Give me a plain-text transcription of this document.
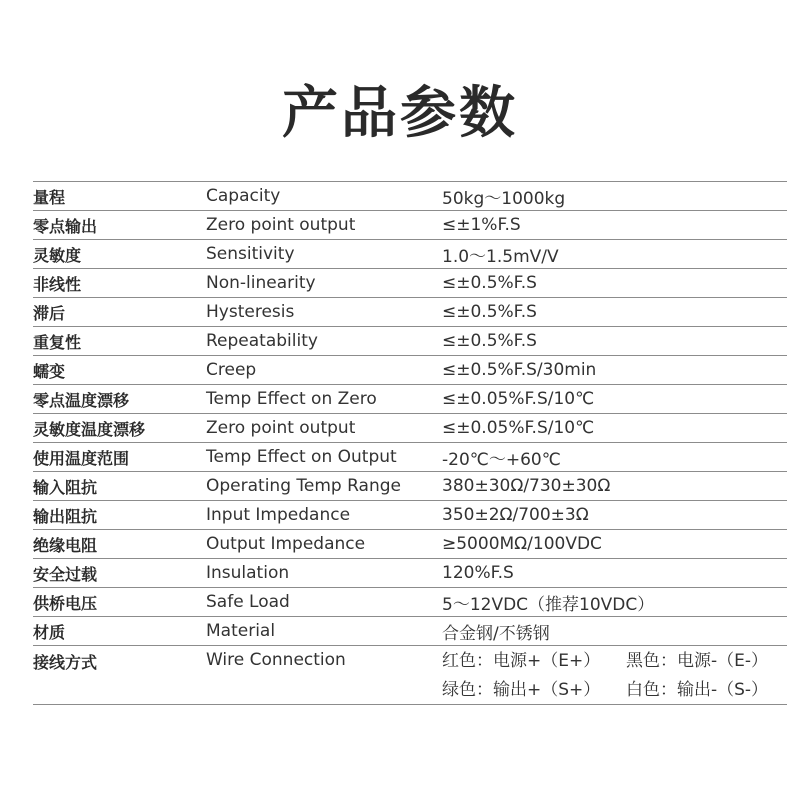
产品参数
量程	Capacity	50kg～1000kg
零点输出	Zero point output	≤±1%F.S
灵敏度	Sensitivity	1.0～1.5mV/V
非线性	Non-linearity	≤±0.5%F.S
滞后	Hysteresis	≤±0.5%F.S
重复性	Repeatability	≤±0.5%F.S
蠕变	Creep	≤±0.5%F.S/30min
零点温度漂移	Temp Effect on Zero	≤±0.05%F.S/10℃
灵敏度温度漂移	Zero point output	≤±0.05%F.S/10℃
使用温度范围	Temp Effect on Output	-20℃～+60℃
输入阻抗	Operating Temp Range	380±30Ω/730±30Ω
输出阻抗	Input Impedance	350±2Ω/700±3Ω
绝缘电阻	Output Impedance	≥5000MΩ/100VDC
安全过载	Insulation	120%F.S
供桥电压	Safe Load	5～12VDC（推荐10VDC）
材质	Material	合金钢/不锈钢
接线方式	Wire Connection	红色：电源+（E+） 黑色：电源-（E-）
绿色：输出+（S+） 白色：输出-（S-）
